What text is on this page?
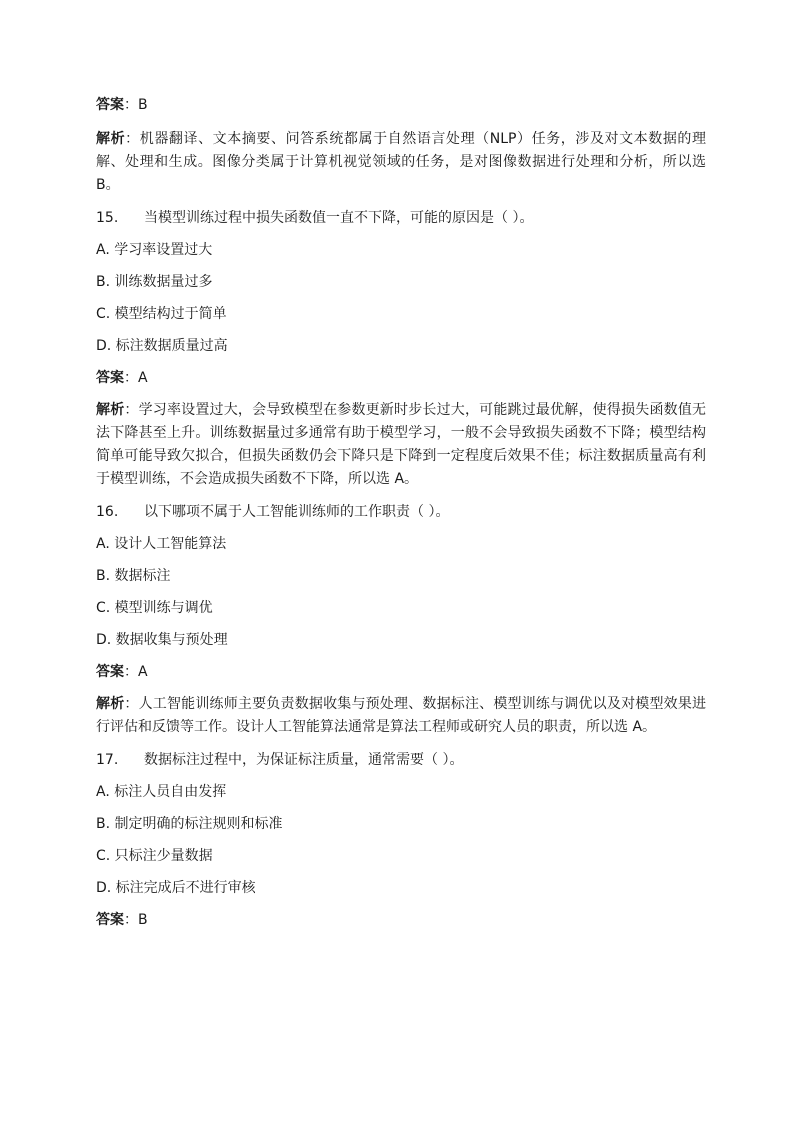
答案：B

解析：机器翻译、文本摘要、问答系统都属于自然语言处理（NLP）任务，涉及对文本数据的理解、处理和生成。图像分类属于计算机视觉领域的任务，是对图像数据进行处理和分析，所以选 B。

15. 当模型训练过程中损失函数值一直不下降，可能的原因是（ ）。

A. 学习率设置过大

B. 训练数据量过多

C. 模型结构过于简单

D. 标注数据质量过高

答案：A

解析：学习率设置过大，会导致模型在参数更新时步长过大，可能跳过最优解，使得损失函数值无法下降甚至上升。训练数据量过多通常有助于模型学习，一般不会导致损失函数不下降；模型结构简单可能导致欠拟合，但损失函数仍会下降只是下降到一定程度后效果不佳；标注数据质量高有利于模型训练，不会造成损失函数不下降，所以选 A。

16. 以下哪项不属于人工智能训练师的工作职责（ ）。

A. 设计人工智能算法

B. 数据标注

C. 模型训练与调优

D. 数据收集与预处理

答案：A

解析：人工智能训练师主要负责数据收集与预处理、数据标注、模型训练与调优以及对模型效果进行评估和反馈等工作。设计人工智能算法通常是算法工程师或研究人员的职责，所以选 A。

17. 数据标注过程中，为保证标注质量，通常需要（ ）。

A. 标注人员自由发挥

B. 制定明确的标注规则和标准

C. 只标注少量数据

D. 标注完成后不进行审核

答案：B
